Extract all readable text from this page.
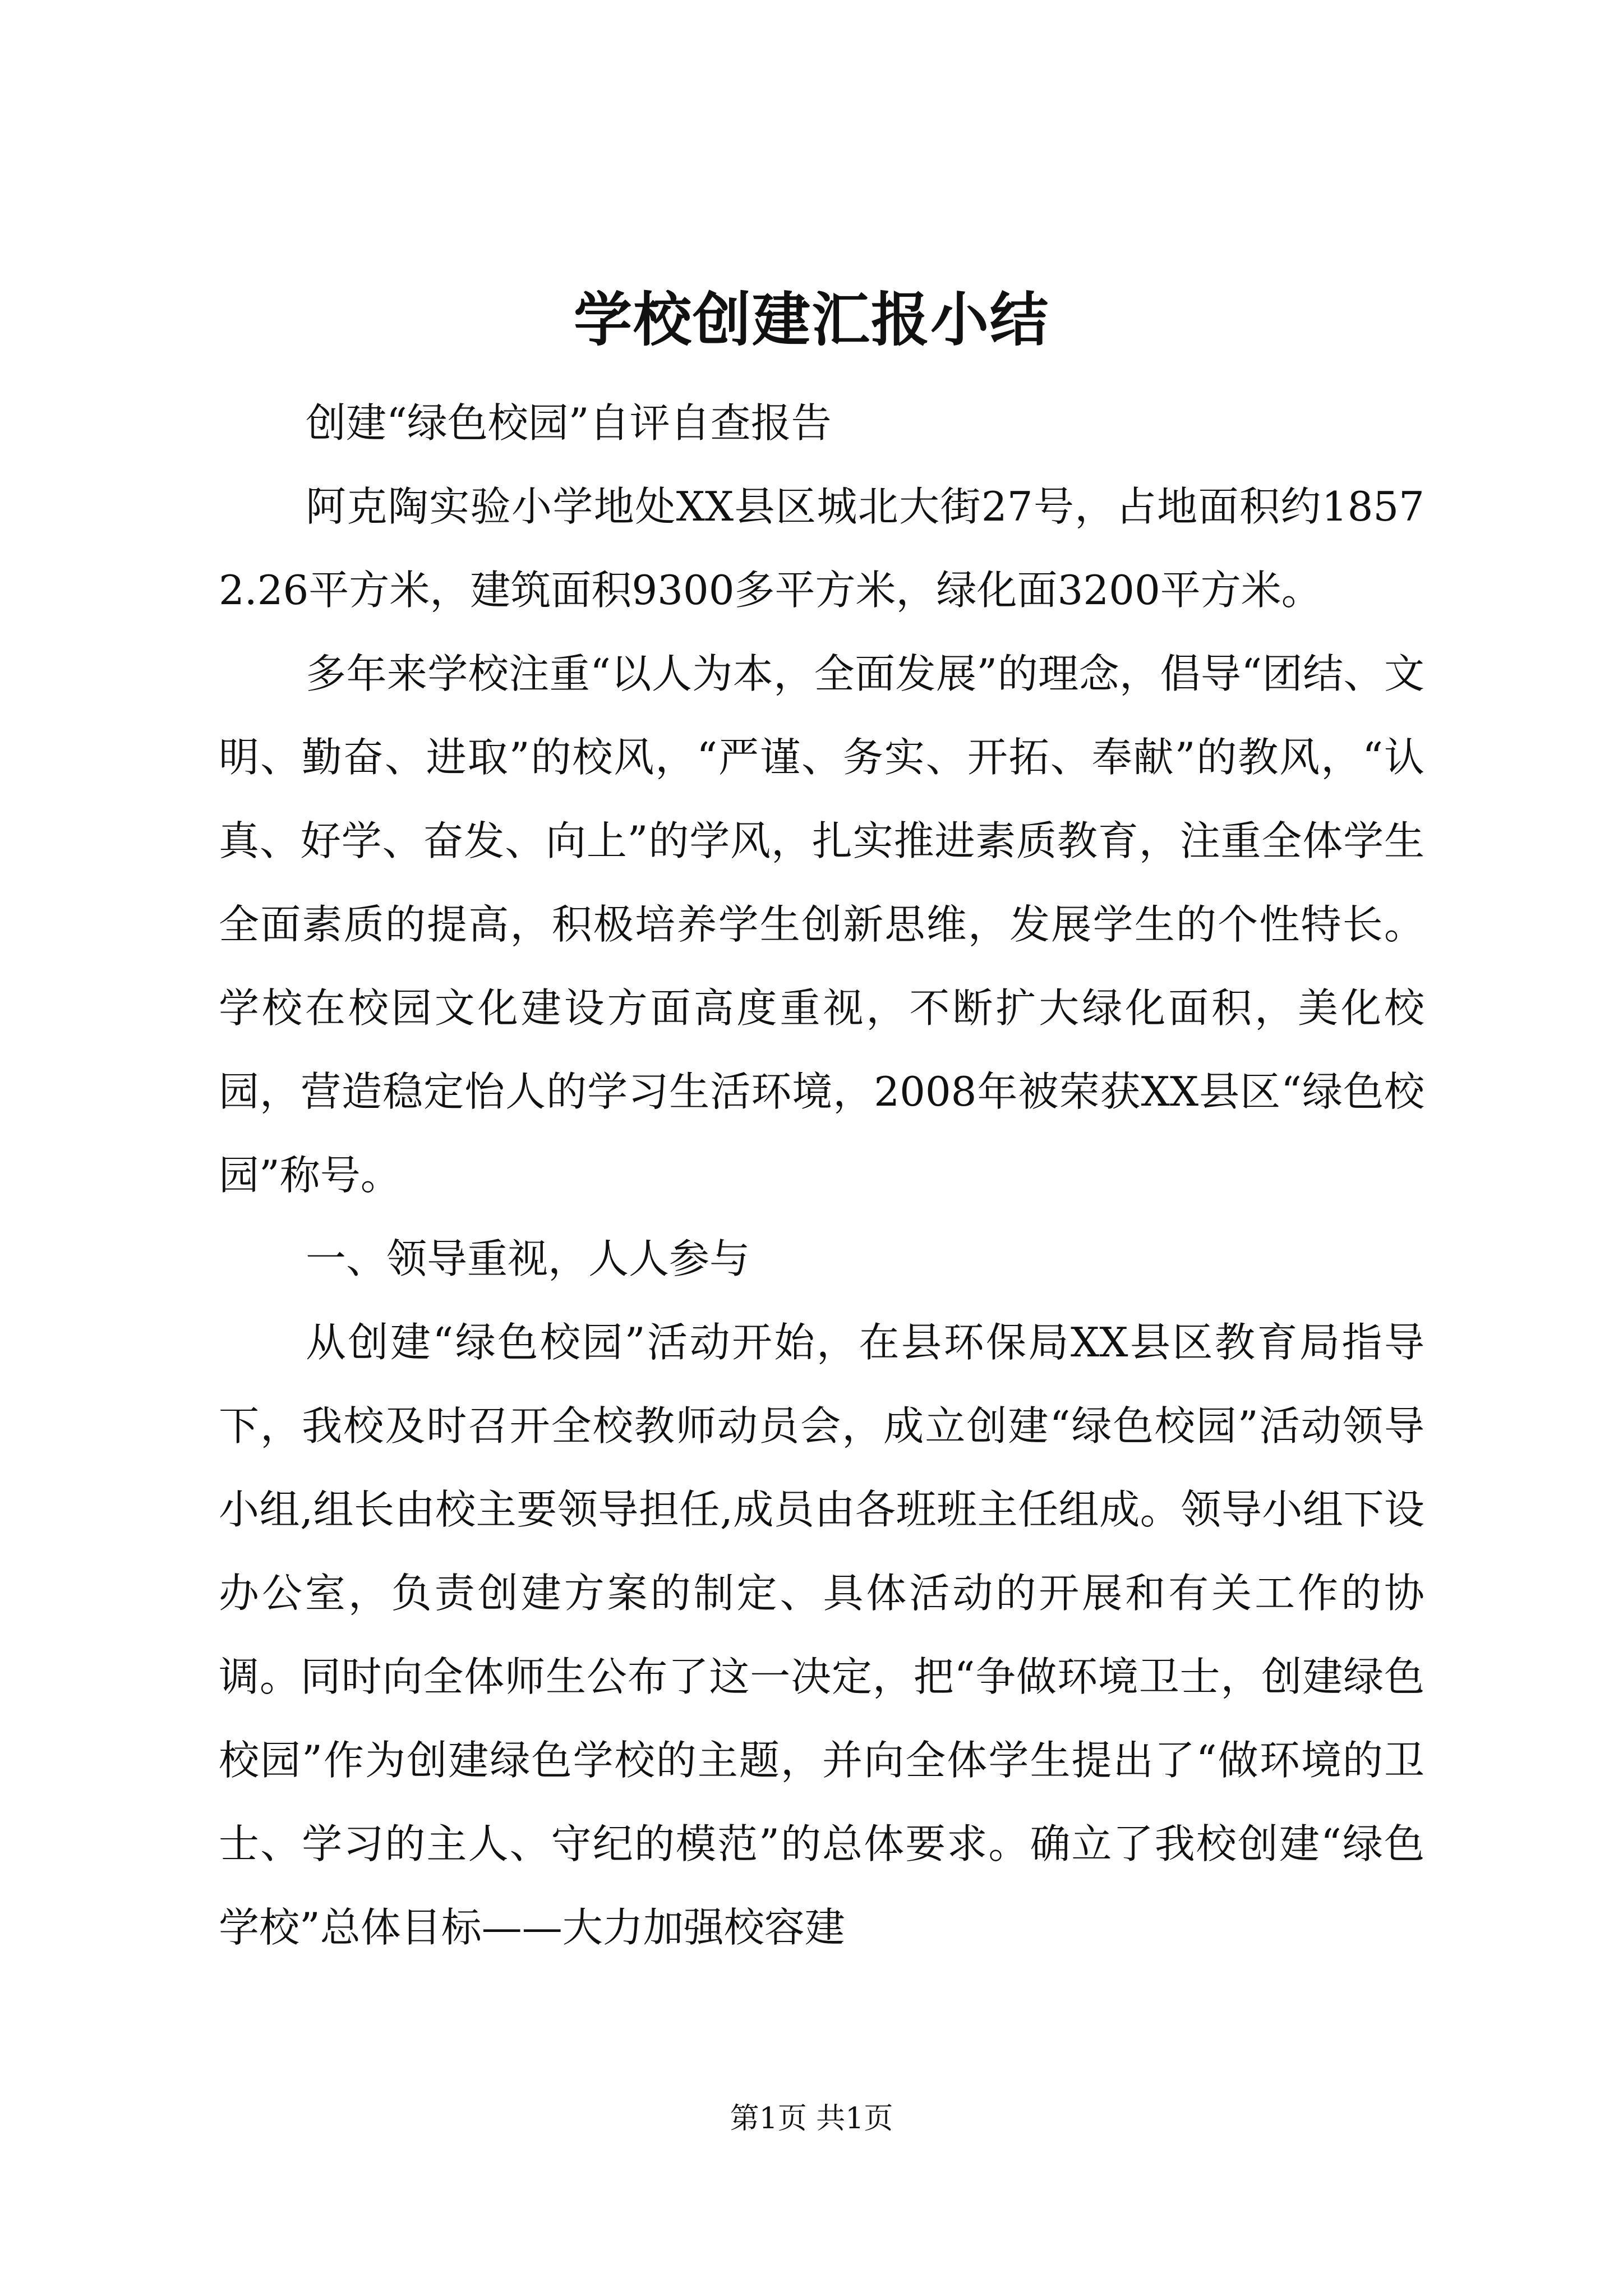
学校创建汇报小结

创建“绿色校园”自评自查报告

阿克陶实验小学地处XX县区城北大街27号，占地面积约18572.26平方米，建筑面积9300多平方米，绿化面3200平方米。

多年来学校注重“以人为本，全面发展”的理念，倡导“团结、文明、勤奋、进取”的校风，“严谨、务实、开拓、奉献”的教风，“认真、好学、奋发、向上”的学风，扎实推进素质教育，注重全体学生全面素质的提高，积极培养学生创新思维，发展学生的个性特长。学校在校园文化建设方面高度重视，不断扩大绿化面积，美化校园，营造稳定怡人的学习生活环境，2008年被荣获XX县区“绿色校园”称号。

一、领导重视，人人参与

从创建“绿色校园”活动开始，在县环保局XX县区教育局指导下，我校及时召开全校教师动员会，成立创建“绿色校园”活动领导小组,组长由校主要领导担任,成员由各班班主任组成。领导小组下设办公室，负责创建方案的制定、具体活动的开展和有关工作的协调。同时向全体师生公布了这一决定，把“争做环境卫士，创建绿色校园”作为创建绿色学校的主题，并向全体学生提出了“做环境的卫士、学习的主人、守纪的模范”的总体要求。确立了我校创建“绿色学校”总体目标——大力加强校容建

第1页 共1页
